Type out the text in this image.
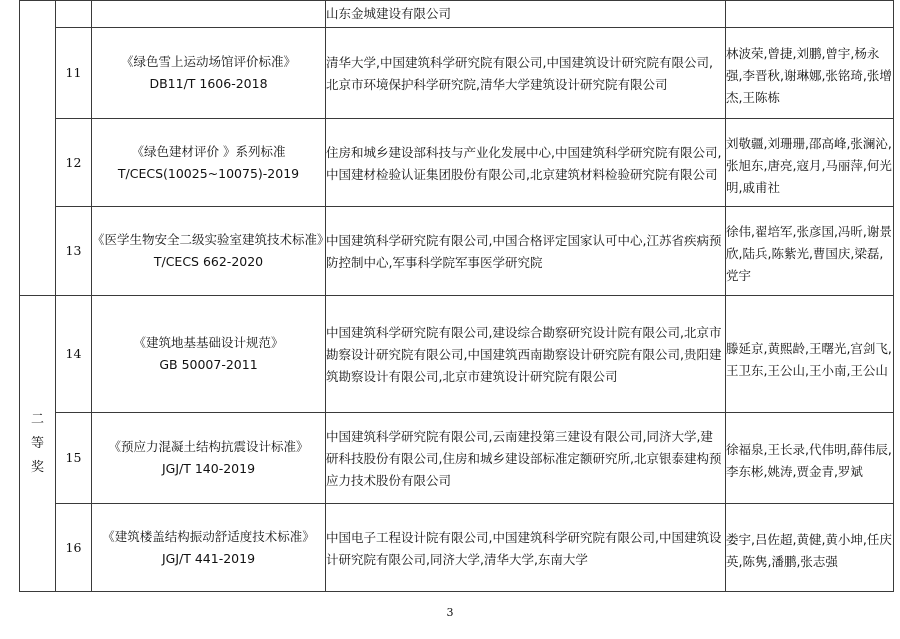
			山东金城建设有限公司	

	11	《绿色雪上运动场馆评价标准》
DB11/T 1606-2018	清华大学,中国建筑科学研究院有限公司,中国建筑设计研究院有限公司,北京市环境保护科学研究院,清华大学建筑设计研究院有限公司	林波荣,曾捷,刘鹏,曾宇,杨永强,李晋秋,谢琳娜,张铭琦,张增杰,王陈栋

	12	《绿色建材评价 》系列标准
T/CECS(10025~10075)-2019	住房和城乡建设部科技与产业化发展中心,中国建筑科学研究院有限公司,中国建材检验认证集团股份有限公司,北京建筑材料检验研究院有限公司	刘敬疆,刘珊珊,邵高峰,张澜沁,张旭东,唐亮,寇月,马丽萍,何光明,戚甫社

	13	《医学生物安全二级实验室建筑技术标准》
T/CECS 662-2020	中国建筑科学研究院有限公司,中国合格评定国家认可中心,江苏省疾病预防控制中心,军事科学院军事医学研究院	徐伟,翟培军,张彦国,冯昕,谢景欣,陆兵,陈紫光,曹国庆,梁磊,党宇

二等奖	14	《建筑地基基础设计规范》
GB 50007-2011	中国建筑科学研究院有限公司,建设综合勘察研究设计院有限公司,北京市勘察设计研究院有限公司,中国建筑西南勘察设计研究院有限公司,贵阳建筑勘察设计有限公司,北京市建筑设计研究院有限公司	滕延京,黄熙龄,王曙光,宫剑飞,王卫东,王公山,王小南,王公山

	15	《预应力混凝土结构抗震设计标准》
JGJ/T 140-2019	中国建筑科学研究院有限公司,云南建投第三建设有限公司,同济大学,建研科技股份有限公司,住房和城乡建设部标准定额研究所,北京银泰建构预应力技术股份有限公司	徐福泉,王长录,代伟明,薛伟辰,李东彬,姚涛,贾金青,罗斌

	16	《建筑楼盖结构振动舒适度技术标准》
JGJ/T 441-2019	中国电子工程设计院有限公司,中国建筑科学研究院有限公司,中国建筑设计研究院有限公司,同济大学,清华大学,东南大学	娄宇,吕佐超,黄健,黄小坤,任庆英,陈隽,潘鹏,张志强
3
